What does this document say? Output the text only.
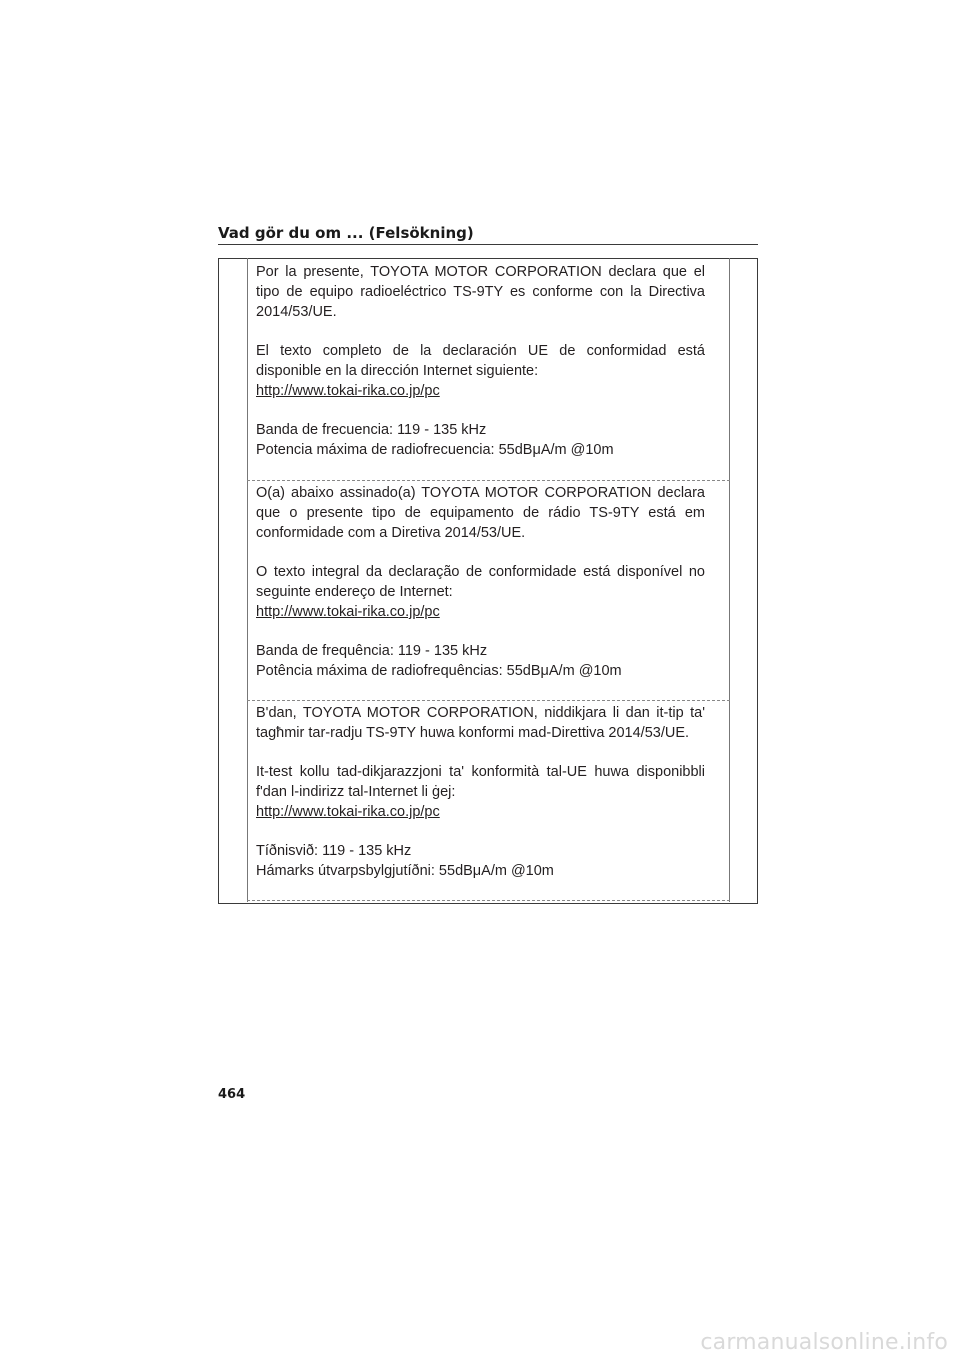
Vad gör du om ... (Felsökning)

Por la presente, TOYOTA MOTOR CORPORATION declara que el tipo de equipo radioeléctrico TS-9TY es conforme con la Directiva 2014/53/UE.

El texto completo de la declaración UE de conformidad está disponible en la dirección Internet siguiente:
http://www.tokai-rika.co.jp/pc

Banda de frecuencia: 119 - 135 kHz
Potencia máxima de radiofrecuencia: 55dBμA/m @10m

O(a) abaixo assinado(a) TOYOTA MOTOR CORPORATION declara que o presente tipo de equipamento de rádio TS-9TY está em conformidade com a Diretiva 2014/53/UE.

O texto integral da declaração de conformidade está disponível no seguinte endereço de Internet:
http://www.tokai-rika.co.jp/pc

Banda de frequência: 119 - 135 kHz
Potência máxima de radiofrequências: 55dBμA/m @10m

B'dan, TOYOTA MOTOR CORPORATION, niddikjara li dan it-tip ta' tagħmir tar-radju TS-9TY huwa konformi mad-Direttiva 2014/53/UE.

It-test kollu tad-dikjarazzjoni ta' konformità tal-UE huwa disponibbli f'dan l-indirizz tal-Internet li ġej:
http://www.tokai-rika.co.jp/pc

Tíðnisvið: 119 - 135 kHz
Hámarks útvarpsbylgjutíðni: 55dBμA/m @10m

464
carmanualsonline.info
